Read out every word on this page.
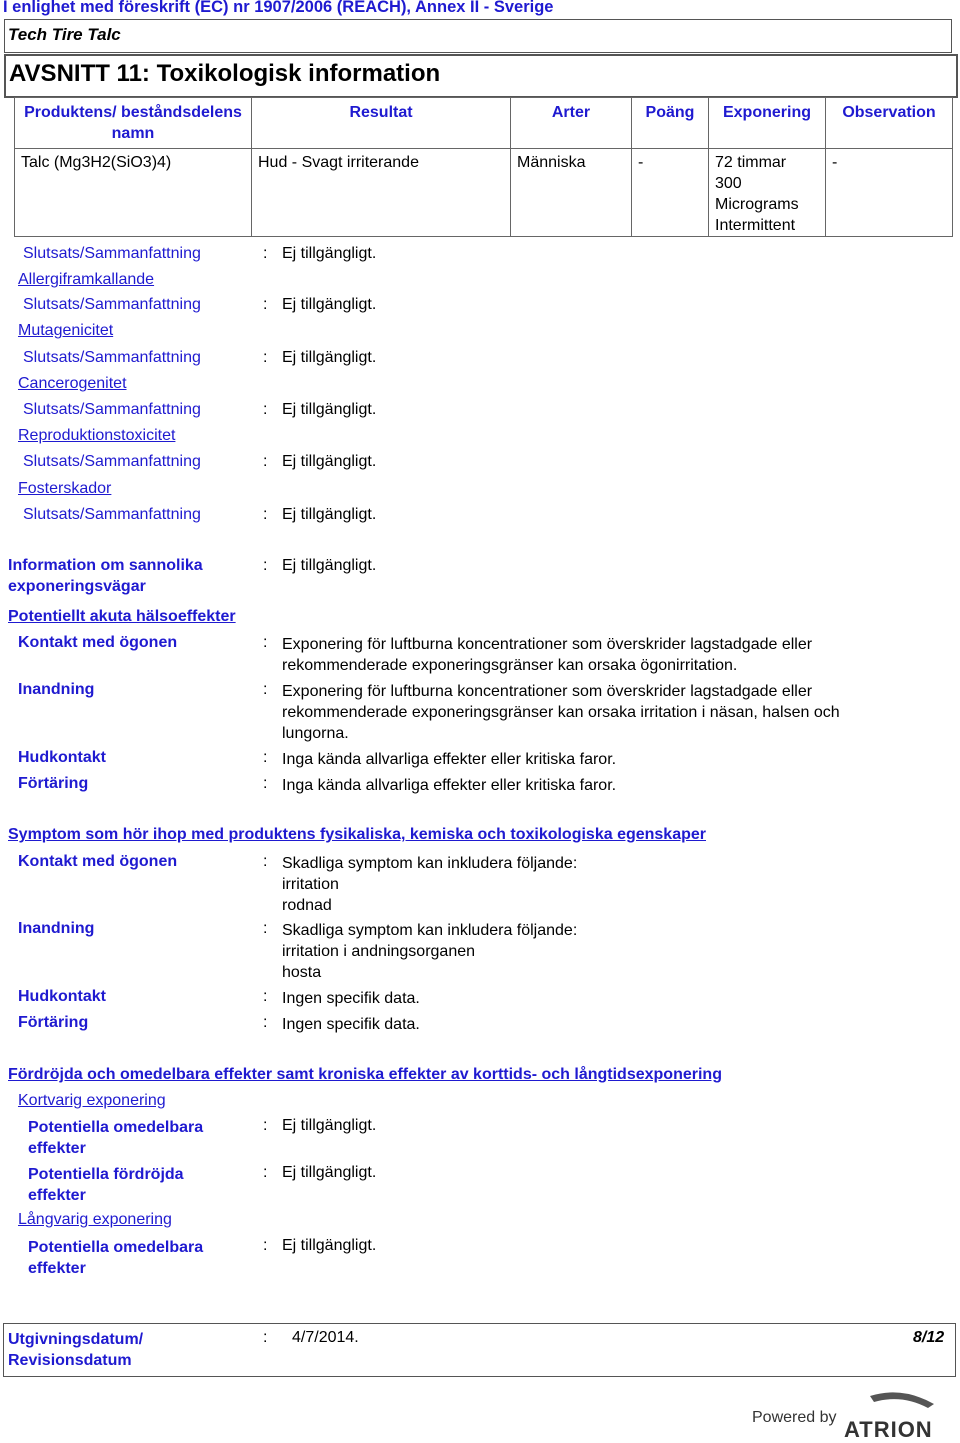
I enlighet med föreskrift (EC) nr 1907/2006 (REACH), Annex II - Sverige
Tech Tire Talc
AVSNITT 11: Toxikologisk information
Produktens/ beståndsdelens namn	Resultat	Arter	Poäng	Exponering	Observation
Talc (Mg3H2(SiO3)4)	Hud - Svagt irriterande	Människa	-	72 timmar
300
Micrograms
Intermittent	-
Slutsats/Sammanfattning	: Ej tillgängligt.
Allergiframkallande
Slutsats/Sammanfattning	: Ej tillgängligt.
Mutagenicitet
Slutsats/Sammanfattning	: Ej tillgängligt.
Cancerogenitet
Slutsats/Sammanfattning	: Ej tillgängligt.
Reproduktionstoxicitet
Slutsats/Sammanfattning	: Ej tillgängligt.
Fosterskador
Slutsats/Sammanfattning	: Ej tillgängligt.
Information om sannolika
exponeringsvägar
: Ej tillgängligt.
Potentiellt akuta hälsoeffekter
Kontakt med ögonen	: Exponering för luftburna koncentrationer som överskrider lagstadgade eller
rekommenderade exponeringsgränser kan orsaka ögonirritation.
Inandning	: Exponering för luftburna koncentrationer som överskrider lagstadgade eller
rekommenderade exponeringsgränser kan orsaka irritation i näsan, halsen och
lungorna.
Hudkontakt	: Inga kända allvarliga effekter eller kritiska faror.
Förtäring	: Inga kända allvarliga effekter eller kritiska faror.
Symptom som hör ihop med produktens fysikaliska, kemiska och toxikologiska egenskaper
Kontakt med ögonen	: Skadliga symptom kan inkludera följande:
irritation
rodnad
Inandning	: Skadliga symptom kan inkludera följande:
irritation i andningsorganen
hosta
Hudkontakt	: Ingen specifik data.
Förtäring	: Ingen specifik data.
Fördröjda och omedelbara effekter samt kroniska effekter av korttids- och långtidsexponering
Kortvarig exponering
Potentiella omedelbara
effekter
: Ej tillgängligt.
Potentiella fördröjda
effekter
: Ej tillgängligt.
Långvarig exponering
Potentiella omedelbara
effekter
: Ej tillgängligt.
Utgivningsdatum/
Revisionsdatum
: 4/7/2014.	8/12
Powered by ATRION
